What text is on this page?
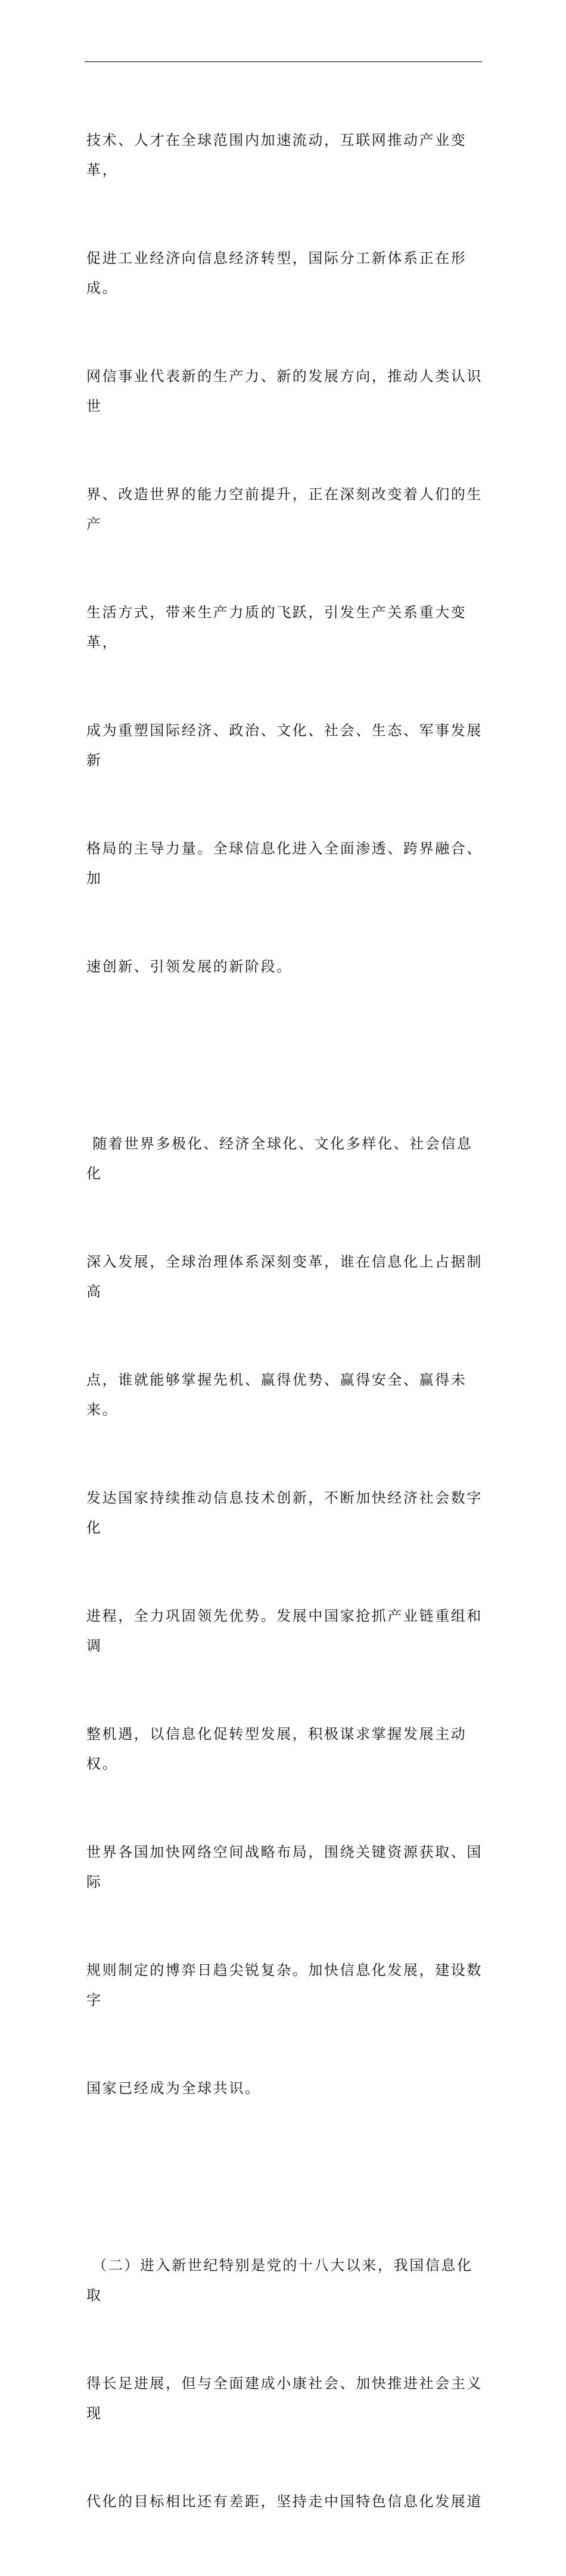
技术、人才在全球范围内加速流动，互联网推动产业变革，

促进工业经济向信息经济转型，国际分工新体系正在形成。

网信事业代表新的生产力、新的发展方向，推动人类认识世

界、改造世界的能力空前提升，正在深刻改变着人们的生产

生活方式，带来生产力质的飞跃，引发生产关系重大变革，

成为重塑国际经济、政治、文化、社会、生态、军事发展新

格局的主导力量。全球信息化进入全面渗透、跨界融合、加

速创新、引领发展的新阶段。

随着世界多极化、经济全球化、文化多样化、社会信息化

深入发展，全球治理体系深刻变革，谁在信息化上占据制高

点，谁就能够掌握先机、赢得优势、赢得安全、赢得未来。

发达国家持续推动信息技术创新，不断加快经济社会数字化

进程，全力巩固领先优势。发展中国家抢抓产业链重组和调

整机遇，以信息化促转型发展，积极谋求掌握发展主动权。

世界各国加快网络空间战略布局，围绕关键资源获取、国际

规则制定的博弈日趋尖锐复杂。加快信息化发展，建设数字

国家已经成为全球共识。

（二）进入新世纪特别是党的十八大以来，我国信息化取

得长足进展，但与全面建成小康社会、加快推进社会主义现

代化的目标相比还有差距，坚持走中国特色信息化发展道
